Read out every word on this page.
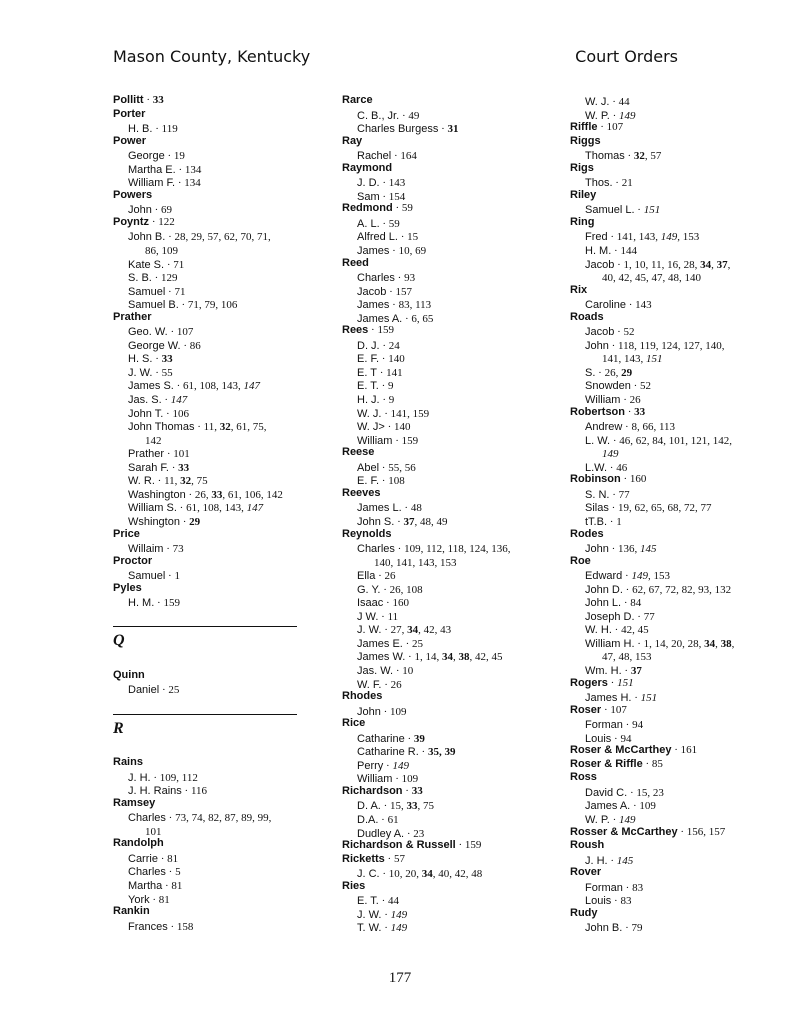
Mason County, Kentucky	Court Orders
Pollitt · 33
Porter
H. B. · 119
Power
George · 19
Martha E. · 134
William F. · 134
Powers
John · 69
Poyntz · 122
John B. · 28, 29, 57, 62, 70, 71,
86, 109
Kate S. · 71
S. B. · 129
Samuel · 71
Samuel B. · 71, 79, 106
Prather
Geo. W. · 107
George W. · 86
H. S. · 33
J. W. · 55
James S. · 61, 108, 143, 147
Jas. S. · 147
John T. · 106
John Thomas · 11, 32, 61, 75,
142
Prather · 101
Sarah F. · 33
W. R. · 11, 32, 75
Washington · 26, 33, 61, 106, 142
William S. · 61, 108, 143, 147
Wshington · 29
Price
Willaim · 73
Proctor
Samuel · 1
Pyles
H. M. · 159
Q
Quinn
Daniel · 25
R
Rains
J. H. · 109, 112
J. H. Rains · 116
Ramsey
Charles · 73, 74, 82, 87, 89, 99,
101
Randolph
Carrie · 81
Charles · 5
Martha · 81
York · 81
Rankin
Frances · 158
Rarce
C. B., Jr. · 49
Charles Burgess · 31
Ray
Rachel · 164
Raymond
J. D. · 143
Sam · 154
Redmond · 59
A. L. · 59
Alfred L. · 15
James · 10, 69
Reed
Charles · 93
Jacob · 157
James · 83, 113
James A. · 6, 65
Rees · 159
D. J. · 24
E. F. · 140
E. T · 141
E. T. · 9
H. J. · 9
W. J. · 141, 159
W. J> · 140
William · 159
Reese
Abel · 55, 56
E. F. · 108
Reeves
James L. · 48
John S. · 37, 48, 49
Reynolds
Charles · 109, 112, 118, 124, 136,
140, 141, 143, 153
Ella · 26
G. Y. · 26, 108
Isaac · 160
J W. · 11
J. W. · 27, 34, 42, 43
James E. · 25
James W. · 1, 14, 34, 38, 42, 45
Jas. W. · 10
W. F. · 26
Rhodes
John · 109
Rice
Catharine · 39
Catharine R. · 35, 39
Perry · 149
William · 109
Richardson · 33
D. A. · 15, 33, 75
D.A. · 61
Dudley A. · 23
Richardson & Russell · 159
Ricketts · 57
J. C. · 10, 20, 34, 40, 42, 48
Ries
E. T. · 44
J. W. · 149
T. W. · 149
W. J. · 44
W. P. · 149
Riffle · 107
Riggs
Thomas · 32, 57
Rigs
Thos. · 21
Riley
Samuel L. · 151
Ring
Fred · 141, 143, 149, 153
H. M. · 144
Jacob · 1, 10, 11, 16, 28, 34, 37,
40, 42, 45, 47, 48, 140
Rix
Caroline · 143
Roads
Jacob · 52
John · 118, 119, 124, 127, 140,
141, 143, 151
S. · 26, 29
Snowden · 52
William · 26
Robertson · 33
Andrew · 8, 66, 113
L. W. · 46, 62, 84, 101, 121, 142,
149
L.W. · 46
Robinson · 160
S. N. · 77
Silas · 19, 62, 65, 68, 72, 77
tT.B. · 1
Rodes
John · 136, 145
Roe
Edward · 149, 153
John D. · 62, 67, 72, 82, 93, 132
John L. · 84
Joseph D. · 77
W. H. · 42, 45
William H. · 1, 14, 20, 28, 34, 38,
47, 48, 153
Wm. H. · 37
Rogers · 151
James H. · 151
Roser · 107
Forman · 94
Louis · 94
Roser & McCarthey · 161
Roser & Riffle · 85
Ross
David C. · 15, 23
James A. · 109
W. P. · 149
Rosser & McCarthey · 156, 157
Roush
J. H. · 145
Rover
Forman · 83
Louis · 83
Rudy
John B. · 79
177
